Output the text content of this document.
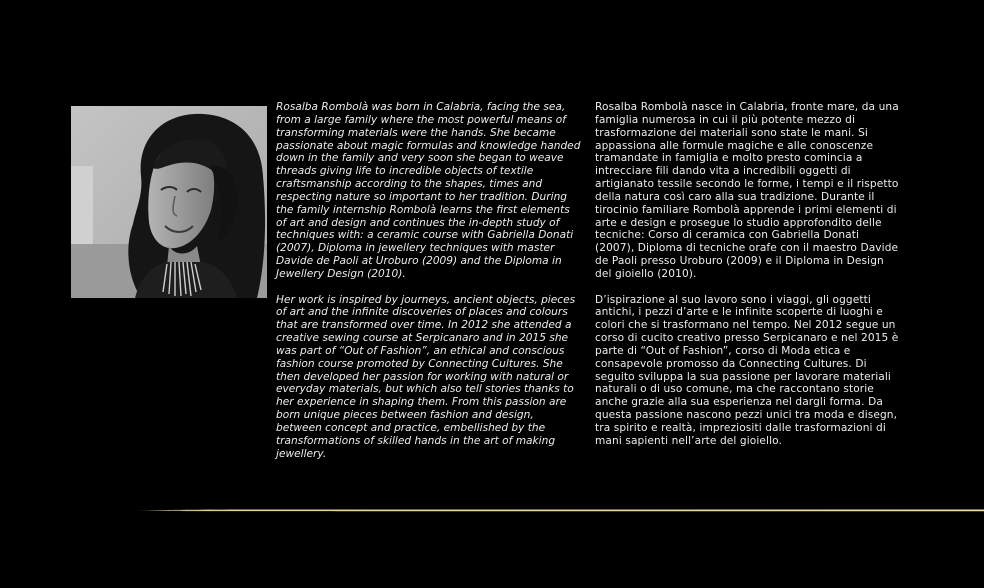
Rosalba Rombolà was born in Calabria, facing the sea, from a large family where the most powerful means of transforming materials were the hands. She became passionate about magic formulas and knowledge handed down in the family and very soon she began to weave threads giving life to incredible objects of textile craftsmanship according to the shapes, times and respecting nature so important to her tradition. During the family internship Rombolà learns the first elements of art and design and continues the in-depth study of techniques with: a ceramic course with Gabriella Donati (2007), Diploma in jewellery techniques with master Davide de Paoli at Uroburo (2009) and the Diploma in Jewellery Design (2010).

Her work is inspired by journeys, ancient objects, pieces of art and the infinite discoveries of places and colours that are transformed over time. In 2012 she attended a creative sewing course at Serpicanaro and in 2015 she was part of “Out of Fashion”, an ethical and conscious fashion course promoted by Connecting Cultures. She then developed her passion for working with natural or everyday materials, but which also tell stories thanks to her experience in shaping them. From this passion are born unique pieces between fashion and design, between concept and practice, embellished by the transformations of skilled hands in the art of making jewellery.

Rosalba Rombolà nasce in Calabria, fronte mare, da una famiglia numerosa in cui il più potente mezzo di trasformazione dei materiali sono state le mani. Si appassiona alle formule magiche e alle conoscenze tramandate in famiglia e molto presto comincia a intrecciare fili dando vita a incredibili oggetti di artigianato tessile secondo le forme, i tempi e il rispetto della natura così caro alla sua tradizione. Durante il tirocinio familiare Rombolà apprende i primi elementi di arte e design e prosegue lo studio approfondito delle tecniche: Corso di ceramica con Gabriella Donati (2007), Diploma di tecniche orafe con il maestro Davide de Paoli presso Uroburo (2009) e il Diploma in Design del gioiello (2010).

D’ispirazione al suo lavoro sono i viaggi, gli oggetti antichi, i pezzi d’arte e le infinite scoperte di luoghi e colori che si trasformano nel tempo. Nel 2012 segue un corso di cucito creativo presso Serpicanaro e nel 2015 è parte di “Out of Fashion”, corso di Moda etica e consapevole promosso da Connecting Cultures. Di seguito sviluppa la sua passione per lavorare materiali naturali o di uso comune, ma che raccontano storie anche grazie alla sua esperienza nel dargli forma. Da questa passione nascono pezzi unici tra moda e disegn, tra spirito e realtà, impreziositi dalle trasformazioni di mani sapienti nell’arte del gioiello.
